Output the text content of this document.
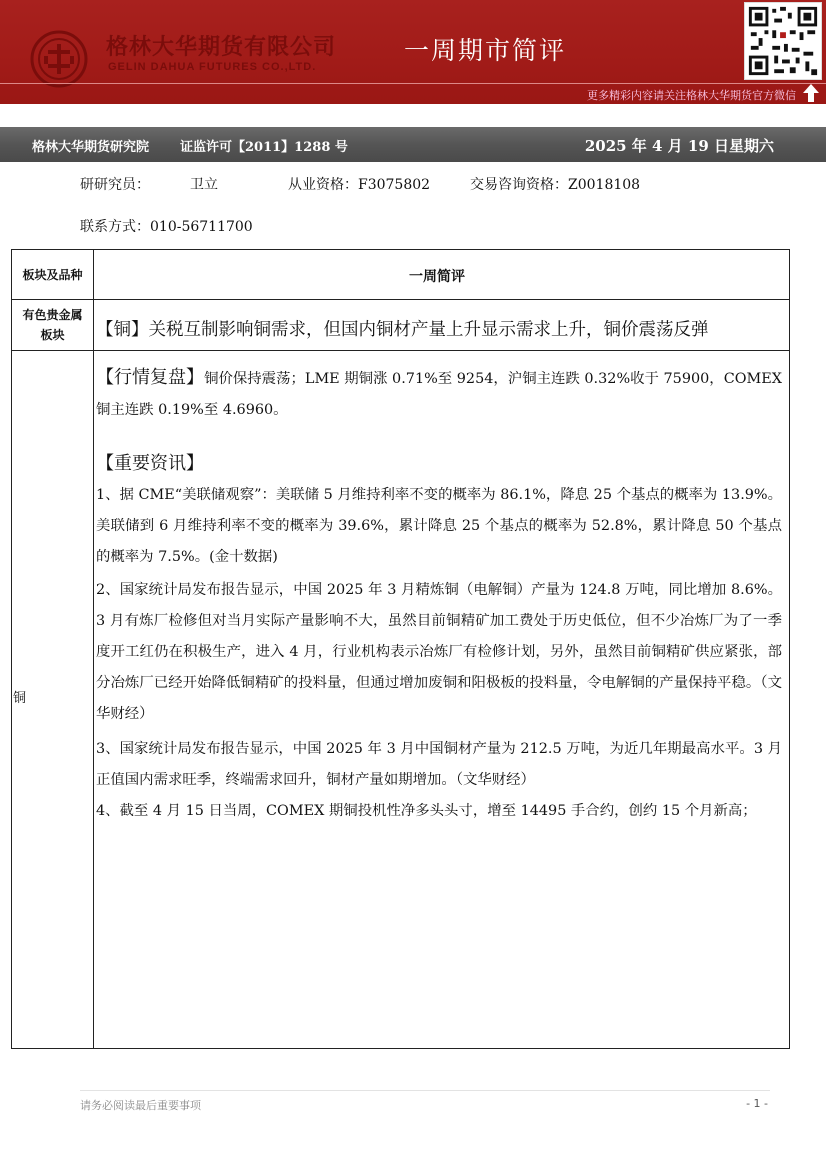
格林大华期货有限公司
GELIN DAHUA FUTURES CO.,LTD.
一周期市简评
更多精彩内容请关注格林大华期货官方微信
格林大华期货研究院 证监许可【2011】1288 号	2025 年 4 月 19 日星期六
研研究员：	卫立	从业资格：F3075802	交易咨询资格：Z0018108
联系方式：010-56711700
板块及品种	一周简评
有色贵金属
板块	【铜】关税互制影响铜需求，但国内铜材产量上升显示需求上升，铜价震荡反弹
铜
【行情复盘】铜价保持震荡；LME 期铜涨 0.71%至 9254，沪铜主连跌 0.32%收于 75900，COMEX 铜主连跌 0.19%至 4.6960。
【重要资讯】
1、据 CME“美联储观察”：美联储 5 月维持利率不变的概率为 86.1%，降息 25 个基点的概率为 13.9%。美联储到 6 月维持利率不变的概率为 39.6%，累计降息 25 个基点的概率为 52.8%，累计降息 50 个基点的概率为 7.5%。(金十数据)
2、国家统计局发布报告显示，中国 2025 年 3 月精炼铜（电解铜）产量为 124.8 万吨，同比增加 8.6%。3 月有炼厂检修但对当月实际产量影响不大，虽然目前铜精矿加工费处于历史低位，但不少冶炼厂为了一季度开工红仍在积极生产，进入 4 月，行业机构表示冶炼厂有检修计划，另外，虽然目前铜精矿供应紧张，部分冶炼厂已经开始降低铜精矿的投料量，但通过增加废铜和阳极板的投料量，令电解铜的产量保持平稳。（文华财经）
3、国家统计局发布报告显示，中国 2025 年 3 月中国铜材产量为 212.5 万吨，为近几年期最高水平。3 月正值国内需求旺季，终端需求回升，铜材产量如期增加。（文华财经）
4、截至 4 月 15 日当周，COMEX 期铜投机性净多头头寸，增至 14495 手合约，创约 15 个月新高；
请务必阅读最后重要事项	- 1 -
